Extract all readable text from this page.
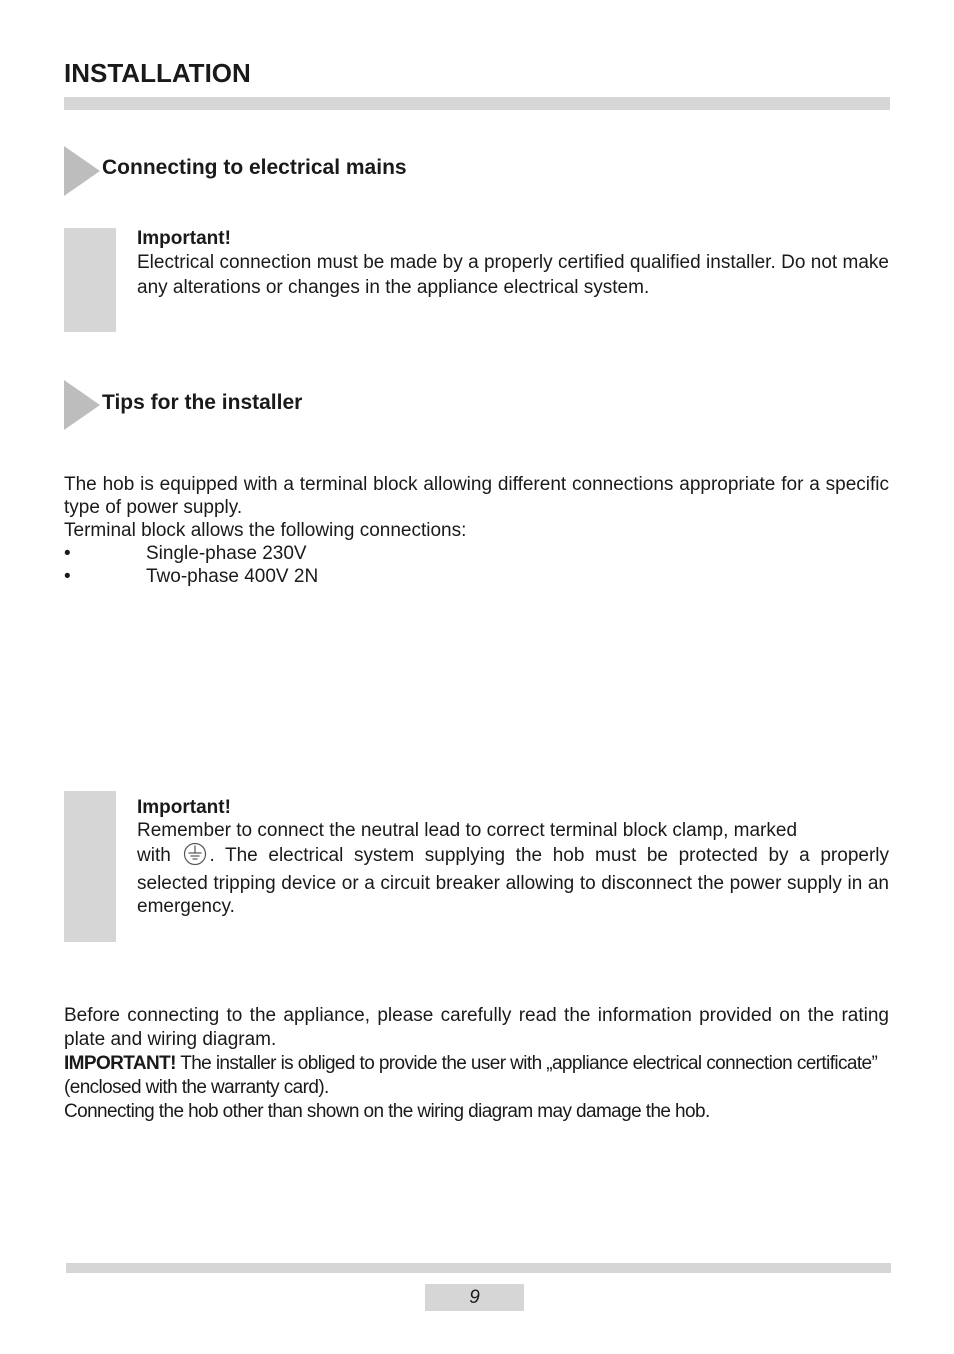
INSTALLATION
Connecting to electrical mains
Important!
Electrical connection must be made by a properly certified qualified installer. Do not make any alterations or changes in the appliance electrical system.
Tips for the installer

The hob is equipped with a terminal block allowing different connections appropriate for a specific type of power supply.

Terminal block allows the following connections:

•	Single-phase 230V
•	Two-phase 400V 2N
Important!
Remember to connect the neutral lead to correct terminal block clamp, marked
with . The electrical system supplying the hob must be protected by a properly selected tripping device or a circuit breaker allowing to disconnect the power supply in an emergency.

Before connecting to the appliance, please carefully read the information provided on the rating plate and wiring diagram.

IMPORTANT! The installer is obliged to provide the user with „appliance electrical connection certificate” (enclosed with the warranty card).

Connecting the hob other than shown on the wiring diagram may damage the hob.

9
